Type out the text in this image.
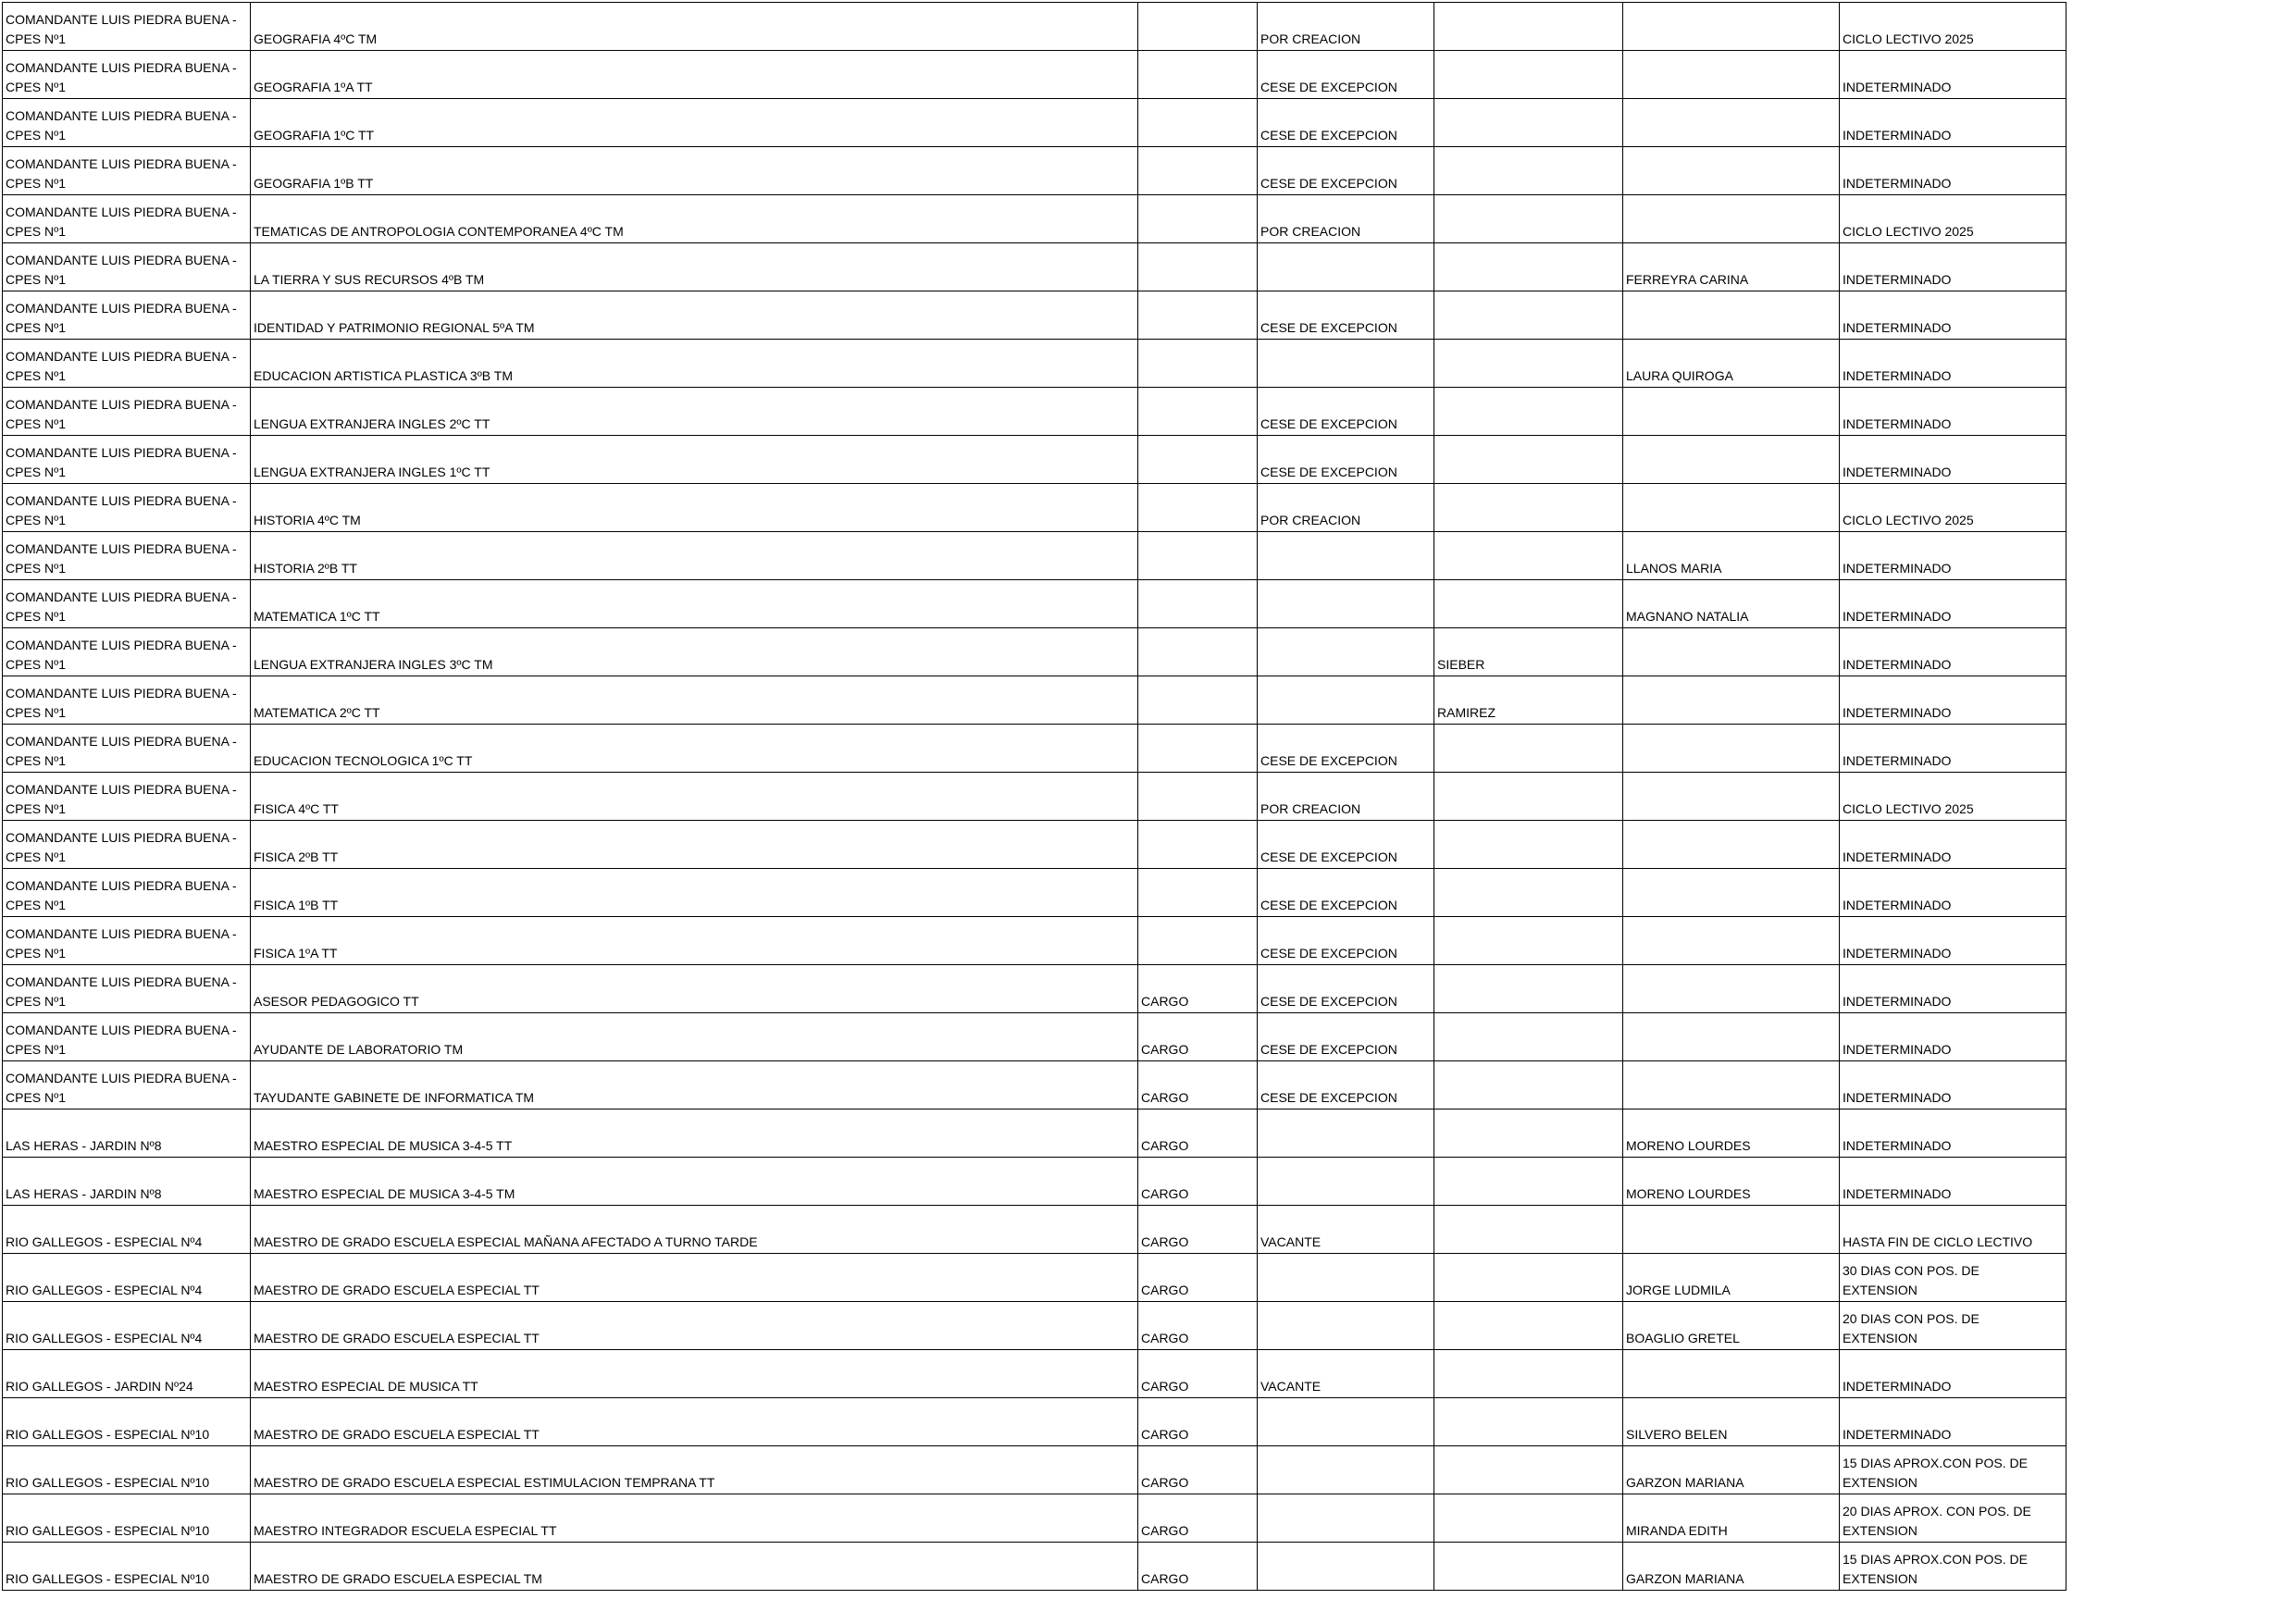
COMANDANTE LUIS PIEDRA BUENA -
CPES Nº1	GEOGRAFIA 4ºC TM		POR CREACION			CICLO LECTIVO 2025
COMANDANTE LUIS PIEDRA BUENA -
CPES Nº1	GEOGRAFIA 1ºA TT		CESE DE EXCEPCION			INDETERMINADO
COMANDANTE LUIS PIEDRA BUENA -
CPES Nº1	GEOGRAFIA 1ºC TT		CESE DE EXCEPCION			INDETERMINADO
COMANDANTE LUIS PIEDRA BUENA -
CPES Nº1	GEOGRAFIA 1ºB TT		CESE DE EXCEPCION			INDETERMINADO
COMANDANTE LUIS PIEDRA BUENA -
CPES Nº1	TEMATICAS DE ANTROPOLOGIA CONTEMPORANEA 4ºC TM		POR CREACION			CICLO LECTIVO 2025
COMANDANTE LUIS PIEDRA BUENA -
CPES Nº1	LA TIERRA Y SUS RECURSOS 4ºB TM				FERREYRA CARINA	INDETERMINADO
COMANDANTE LUIS PIEDRA BUENA -
CPES Nº1	IDENTIDAD Y PATRIMONIO REGIONAL 5ºA TM		CESE DE EXCEPCION			INDETERMINADO
COMANDANTE LUIS PIEDRA BUENA -
CPES Nº1	EDUCACION ARTISTICA PLASTICA 3ºB TM				LAURA QUIROGA	INDETERMINADO
COMANDANTE LUIS PIEDRA BUENA -
CPES Nº1	LENGUA EXTRANJERA INGLES 2ºC TT		CESE DE EXCEPCION			INDETERMINADO
COMANDANTE LUIS PIEDRA BUENA -
CPES Nº1	LENGUA EXTRANJERA INGLES 1ºC TT		CESE DE EXCEPCION			INDETERMINADO
COMANDANTE LUIS PIEDRA BUENA -
CPES Nº1	HISTORIA 4ºC TM		POR CREACION			CICLO LECTIVO 2025
COMANDANTE LUIS PIEDRA BUENA -
CPES Nº1	HISTORIA 2ºB TT				LLANOS MARIA	INDETERMINADO
COMANDANTE LUIS PIEDRA BUENA -
CPES Nº1	MATEMATICA 1ºC TT				MAGNANO NATALIA	INDETERMINADO
COMANDANTE LUIS PIEDRA BUENA -
CPES Nº1	LENGUA EXTRANJERA INGLES 3ºC TM			SIEBER		INDETERMINADO
COMANDANTE LUIS PIEDRA BUENA -
CPES Nº1	MATEMATICA 2ºC TT			RAMIREZ		INDETERMINADO
COMANDANTE LUIS PIEDRA BUENA -
CPES Nº1	EDUCACION TECNOLOGICA 1ºC TT		CESE DE EXCEPCION			INDETERMINADO
COMANDANTE LUIS PIEDRA BUENA -
CPES Nº1	FISICA 4ºC TT		POR CREACION			CICLO LECTIVO 2025
COMANDANTE LUIS PIEDRA BUENA -
CPES Nº1	FISICA 2ºB TT		CESE DE EXCEPCION			INDETERMINADO
COMANDANTE LUIS PIEDRA BUENA -
CPES Nº1	FISICA 1ºB TT		CESE DE EXCEPCION			INDETERMINADO
COMANDANTE LUIS PIEDRA BUENA -
CPES Nº1	FISICA 1ºA TT		CESE DE EXCEPCION			INDETERMINADO
COMANDANTE LUIS PIEDRA BUENA -
CPES Nº1	ASESOR PEDAGOGICO TT	CARGO	CESE DE EXCEPCION			INDETERMINADO
COMANDANTE LUIS PIEDRA BUENA -
CPES Nº1	AYUDANTE DE LABORATORIO TM	CARGO	CESE DE EXCEPCION			INDETERMINADO
COMANDANTE LUIS PIEDRA BUENA -
CPES Nº1	TAYUDANTE GABINETE DE INFORMATICA TM	CARGO	CESE DE EXCEPCION			INDETERMINADO
LAS HERAS - JARDIN Nº8	MAESTRO ESPECIAL DE MUSICA 3-4-5 TT	CARGO			MORENO LOURDES	INDETERMINADO
LAS HERAS - JARDIN Nº8	MAESTRO ESPECIAL DE MUSICA 3-4-5 TM	CARGO			MORENO LOURDES	INDETERMINADO
RIO GALLEGOS - ESPECIAL Nº4	MAESTRO DE GRADO ESCUELA ESPECIAL MAÑANA AFECTADO A TURNO TARDE	CARGO	VACANTE			HASTA FIN DE CICLO LECTIVO
RIO GALLEGOS - ESPECIAL Nº4	MAESTRO DE GRADO ESCUELA ESPECIAL TT	CARGO			JORGE LUDMILA	30 DIAS CON POS. DE
EXTENSION
RIO GALLEGOS - ESPECIAL Nº4	MAESTRO DE GRADO ESCUELA ESPECIAL TT	CARGO			BOAGLIO GRETEL	20 DIAS CON POS. DE
EXTENSION
RIO GALLEGOS - JARDIN Nº24	MAESTRO ESPECIAL DE MUSICA TT	CARGO	VACANTE			INDETERMINADO
RIO GALLEGOS - ESPECIAL Nº10	MAESTRO DE GRADO ESCUELA ESPECIAL TT	CARGO			SILVERO BELEN	INDETERMINADO
RIO GALLEGOS - ESPECIAL Nº10	MAESTRO DE GRADO ESCUELA ESPECIAL ESTIMULACION TEMPRANA TT	CARGO			GARZON MARIANA	15 DIAS APROX.CON POS. DE
EXTENSION
RIO GALLEGOS - ESPECIAL Nº10	MAESTRO INTEGRADOR ESCUELA ESPECIAL TT	CARGO			MIRANDA EDITH	20 DIAS APROX. CON POS. DE
EXTENSION
RIO GALLEGOS - ESPECIAL Nº10	MAESTRO DE GRADO ESCUELA ESPECIAL TM	CARGO			GARZON MARIANA	15 DIAS APROX.CON POS. DE
EXTENSION
